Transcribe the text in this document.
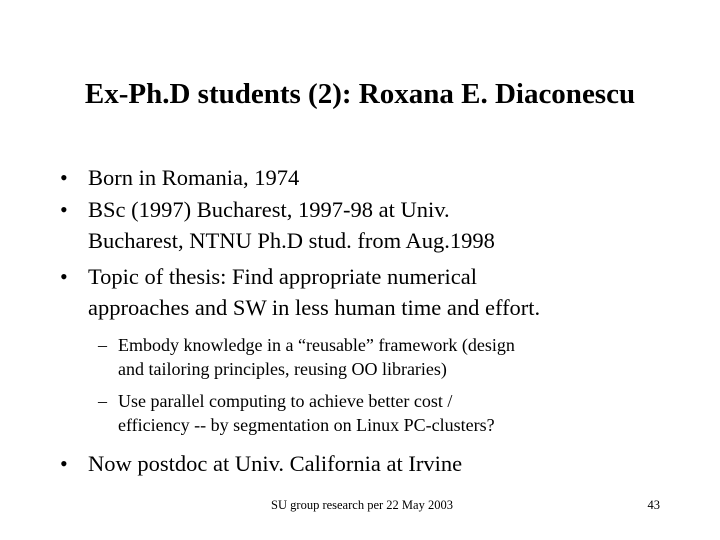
Ex-Ph.D students (2): Roxana E. Diaconescu
• Born in Romania, 1974
• BSc (1997) Bucharest, 1997-98 at Univ.
Bucharest, NTNU Ph.D stud. from Aug.1998
• Topic of thesis: Find appropriate numerical
approaches and SW in less human time and effort.
– Embody knowledge in a “reusable” framework (design
and tailoring principles, reusing OO libraries)
– Use parallel computing to achieve better cost /
efficiency -- by segmentation on Linux PC-clusters?
• Now postdoc at Univ. California at Irvine
SU group research per 22 May 2003	43
